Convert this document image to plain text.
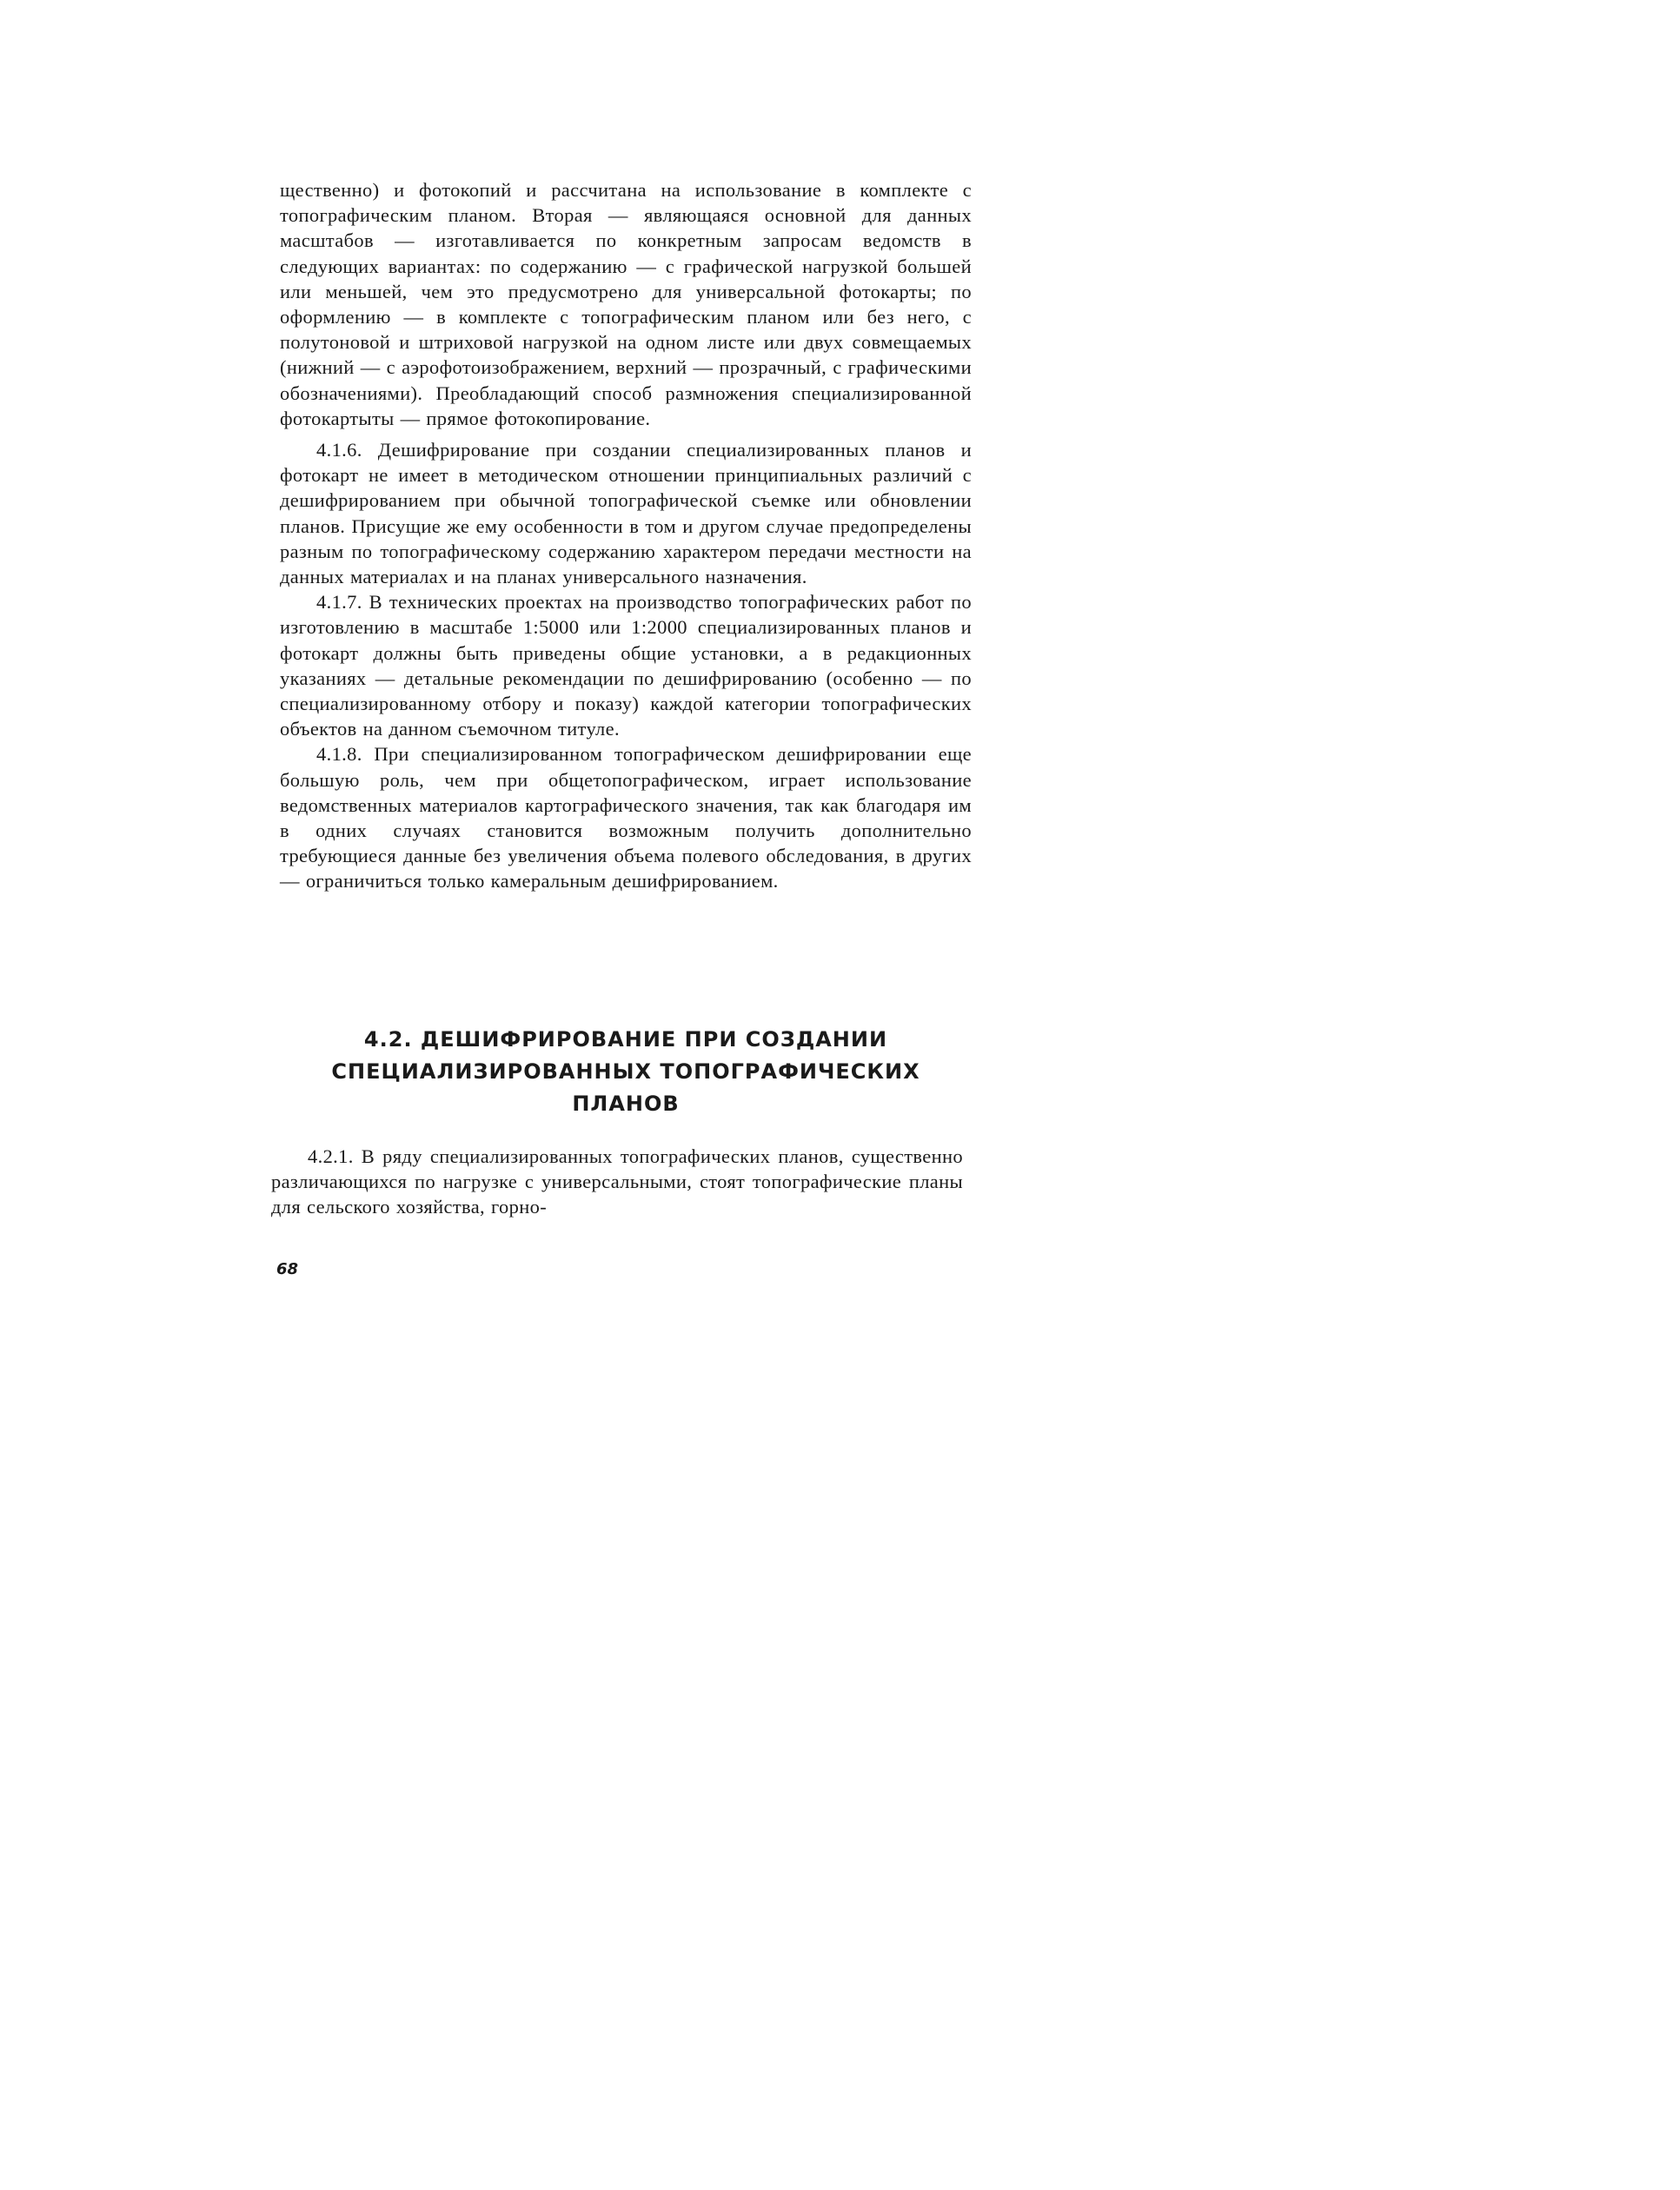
щественно) и фотокопий и рассчитана на использование в комплекте с топографическим планом. Вторая — являющаяся основной для данных масштабов — изготавливается по конкретным запросам ведомств в следующих вариантах: по содержанию — с графической нагрузкой большей или меньшей, чем это предусмотрено для универсальной фотокарты; по оформлению — в комплекте с топографическим планом или без него, с полутоновой и штриховой нагрузкой на одном листе или двух совмещаемых (нижний — с аэрофотоизображением, верхний — прозрачный, с графическими обозначениями). Преобладающий способ размножения специализированной фотокартыты — прямое фотокопирование.

4.1.6. Дешифрирование при создании специализированных планов и фотокарт не имеет в методическом отношении принципиальных различий с дешифрированием при обычной топографической съемке или обновлении планов. Присущие же ему особенности в том и другом случае предопределены разным по топографическому содержанию характером передачи местности на данных материалах и на планах универсального назначения.

4.1.7. В технических проектах на производство топографических работ по изготовлению в масштабе 1:5000 или 1:2000 специализированных планов и фотокарт должны быть приведены общие установки, а в редакционных указаниях — детальные рекомендации по дешифрированию (особенно — по специализированному отбору и показу) каждой категории топографических объектов на данном съемочном титуле.

4.1.8. При специализированном топографическом дешифрировании еще большую роль, чем при общетопографическом, играет использование ведомственных материалов картографического значения, так как благодаря им в одних случаях становится возможным получить дополнительно требующиеся данные без увеличения объема полевого обследования, в других — ограничиться только камеральным дешифрированием.

4.2. ДЕШИФРИРОВАНИЕ ПРИ СОЗДАНИИ
СПЕЦИАЛИЗИРОВАННЫХ ТОПОГРАФИЧЕСКИХ
ПЛАНОВ

4.2.1. В ряду специализированных топографических планов, существенно различающихся по нагрузке с универсальными, стоят топографические планы для сельского хозяйства, горно-

68
